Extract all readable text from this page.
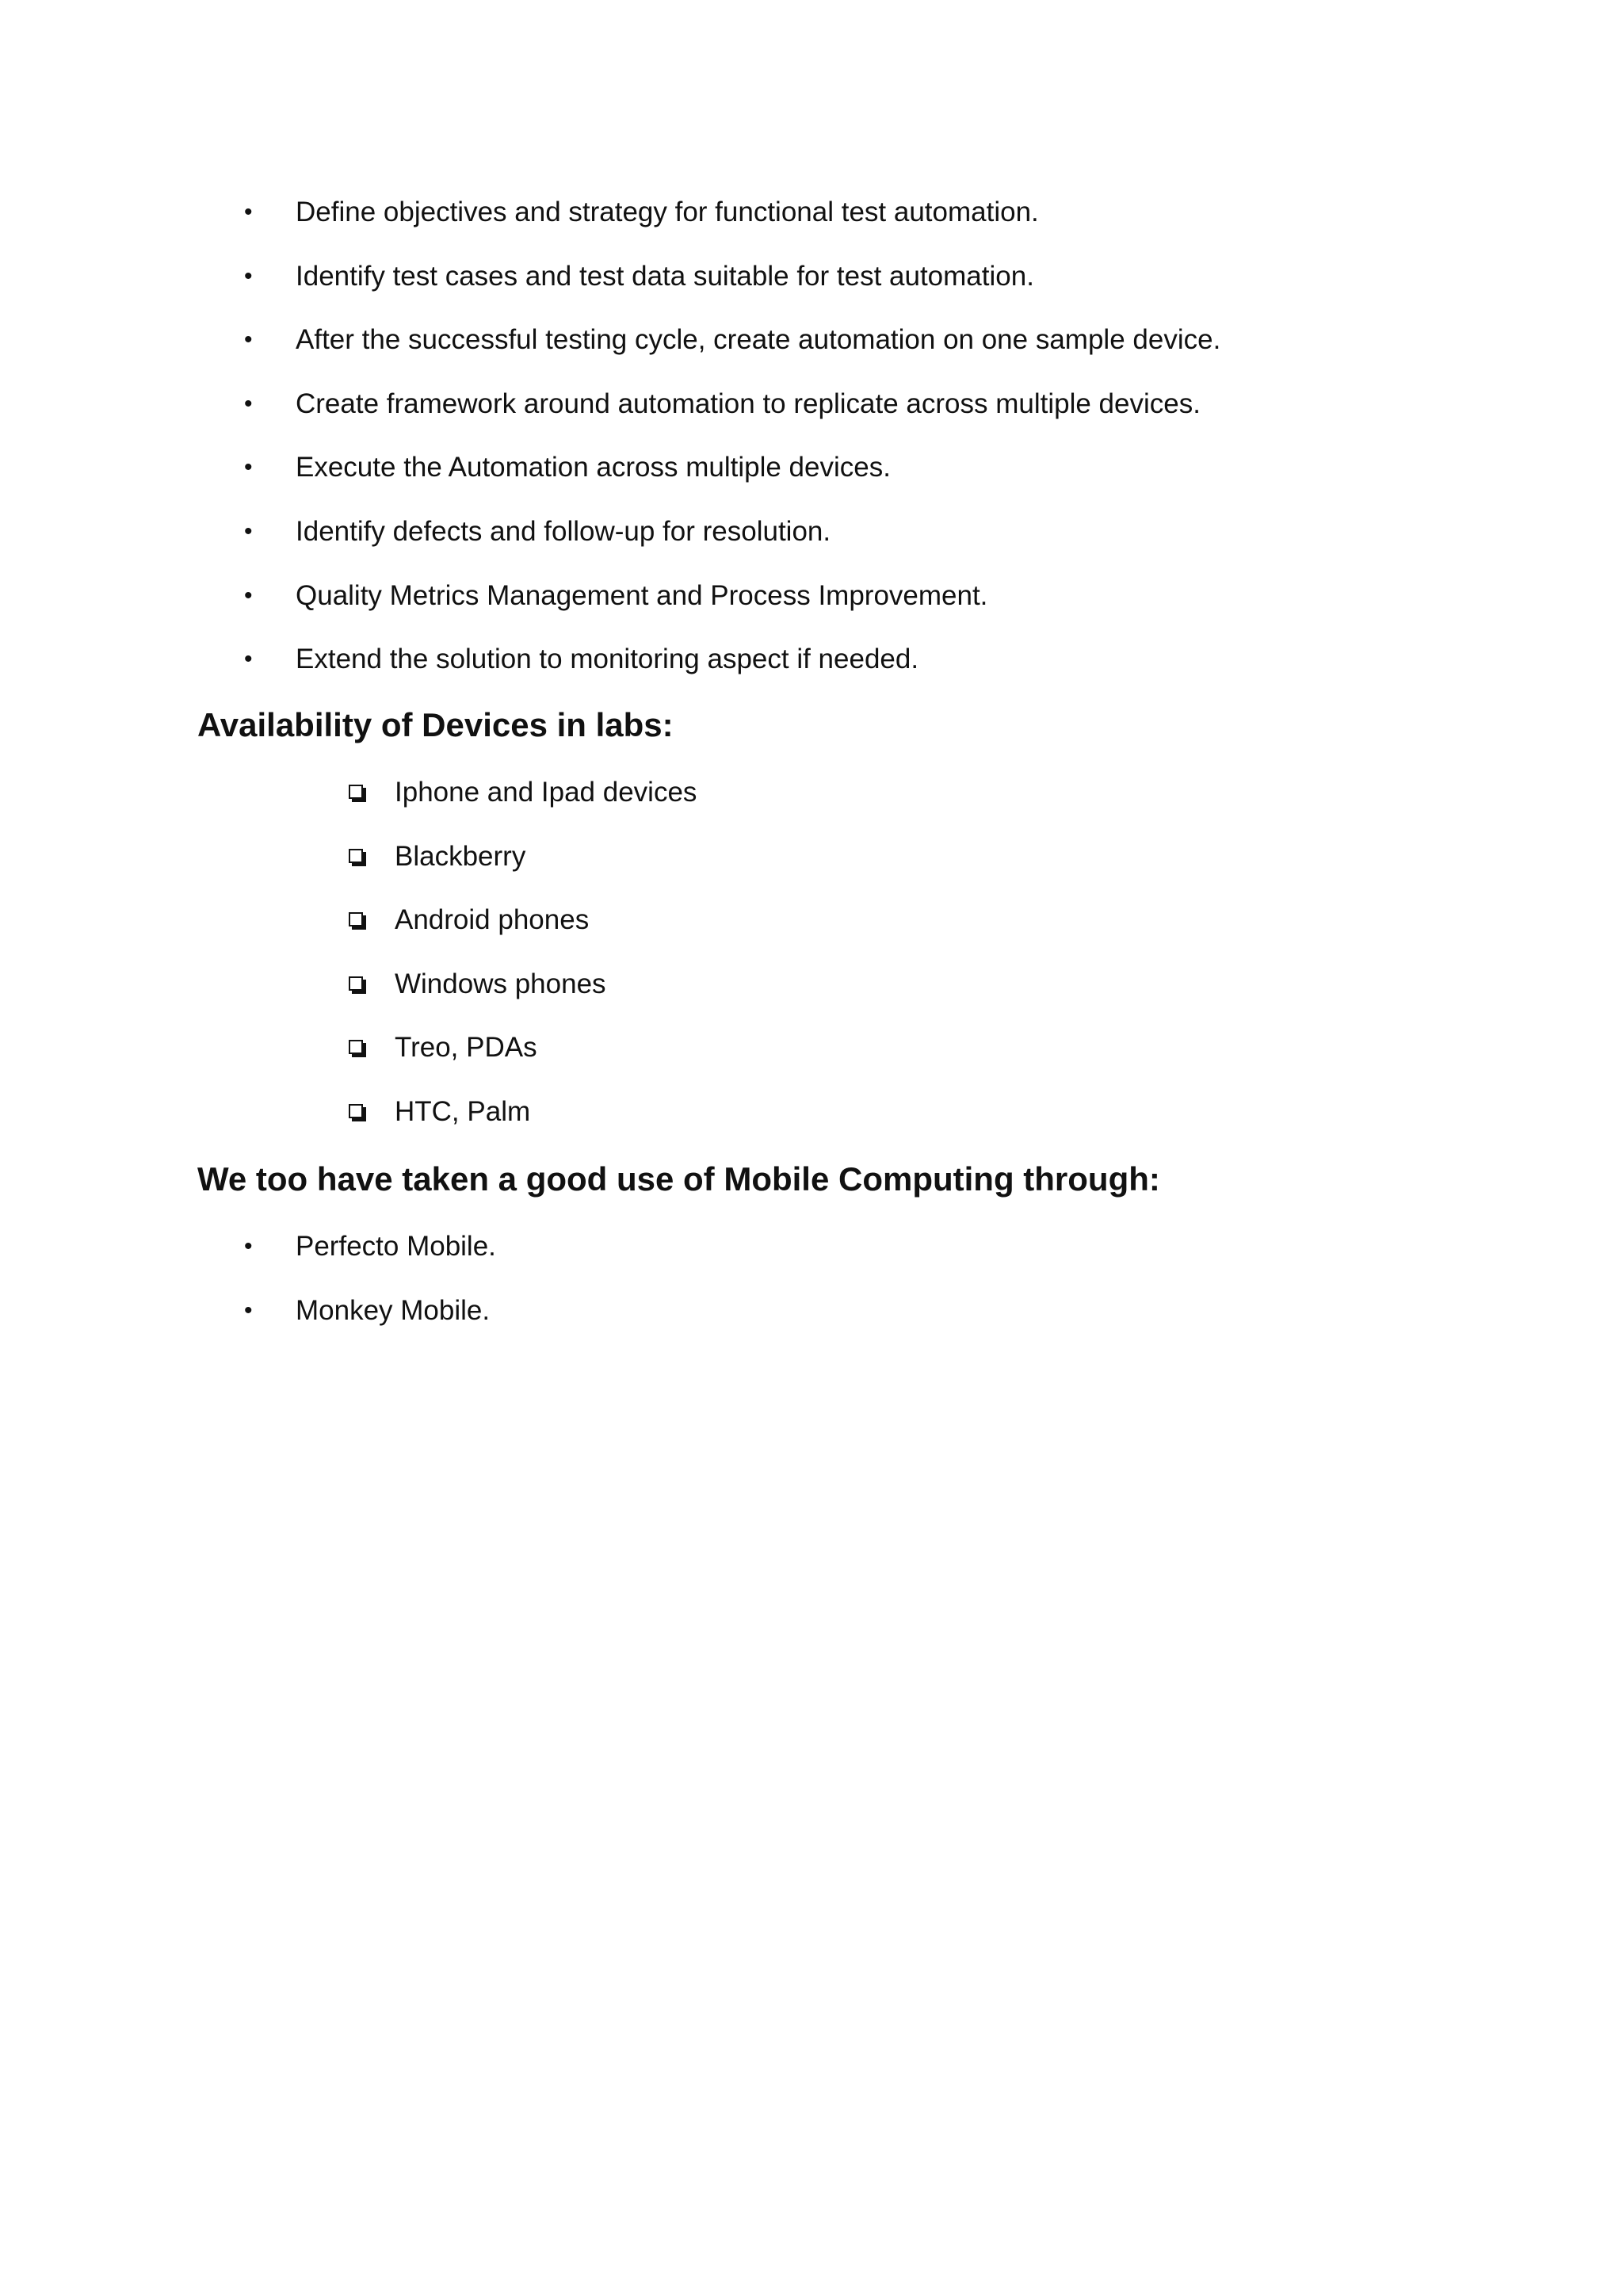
• Define objectives and strategy for functional test automation.
• Identify test cases and test data suitable for test automation.
• After the successful testing cycle, create automation on one sample device.
• Create framework around automation to replicate across multiple devices.
• Execute the Automation across multiple devices.
• Identify defects and follow-up for resolution.
• Quality Metrics Management and Process Improvement.
• Extend the solution to monitoring aspect if needed.
Availability of Devices in labs:
Iphone and Ipad devices
Blackberry
Android phones
Windows phones
Treo, PDAs
HTC, Palm
We too have taken a good use of Mobile Computing through:
• Perfecto Mobile.
• Monkey Mobile.
